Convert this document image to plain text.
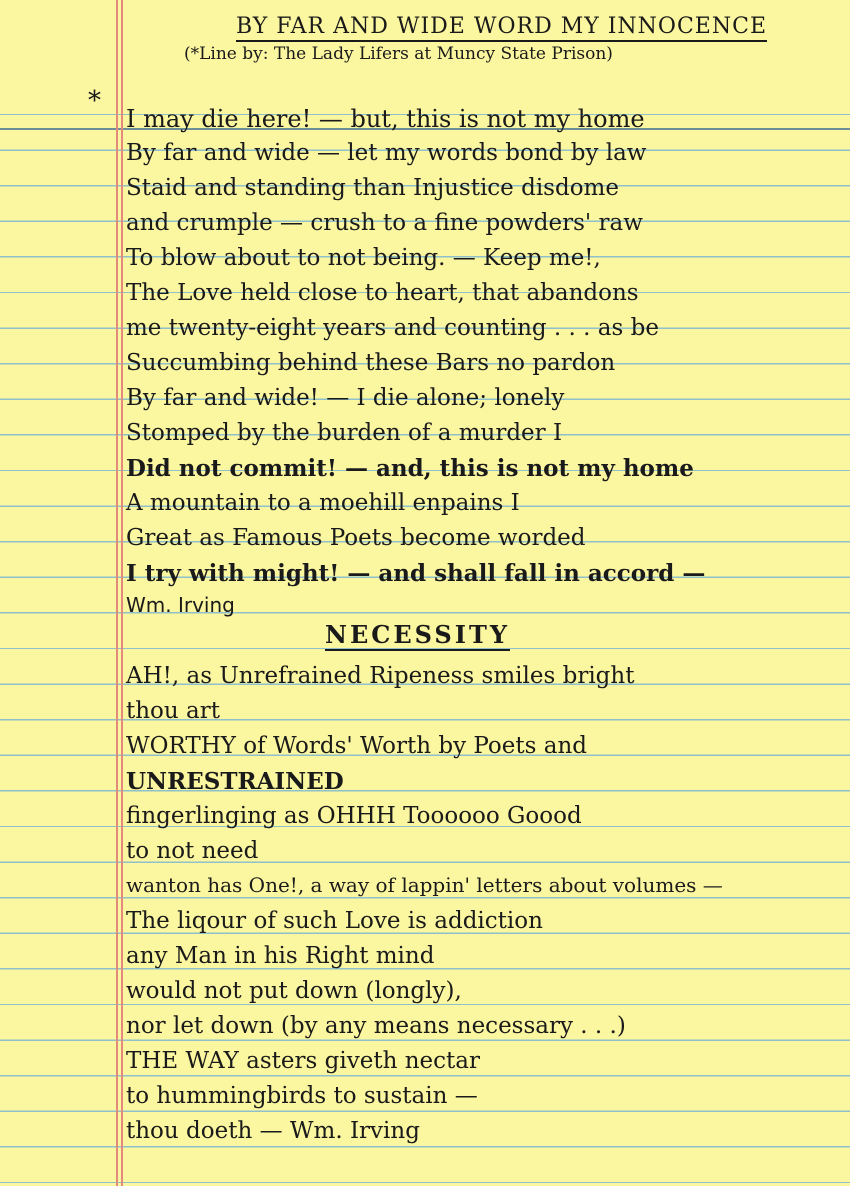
BY FAR AND WIDE WORD MY INNOCENCE
(*Line by: The Lady Lifers at Muncy State Prison)
*
I may die here! — but, this is not my home
By far and wide — let my words bond by law
Staid and standing than Injustice disdome
and crumple — crush to a fine powders' raw
To blow about to not being. — Keep me!,
The Love held close to heart, that abandons
me twenty-eight years and counting . . . as be
Succumbing behind these Bars no pardon
By far and wide! — I die alone; lonely
Stomped by the burden of a murder I
Did not commit! — and, this is not my home
A mountain to a moehill enpains I
Great as Famous Poets become worded
I try with might! — and shall fall in accord —
Wm. Irving
NECESSITY
AH!, as Unrefrained Ripeness smiles bright
thou art
WORTHY of Words' Worth by Poets and
UNRESTRAINED
fingerlinging as OHHH Toooooo Goood
to not need
wanton has One!, a way of lappin' letters about volumes —
The liqour of such Love is addiction
any Man in his Right mind
would not put down (longly),
nor let down (by any means necessary . . .)
THE WAY asters giveth nectar
to hummingbirds to sustain —
thou doeth — Wm. Irving
